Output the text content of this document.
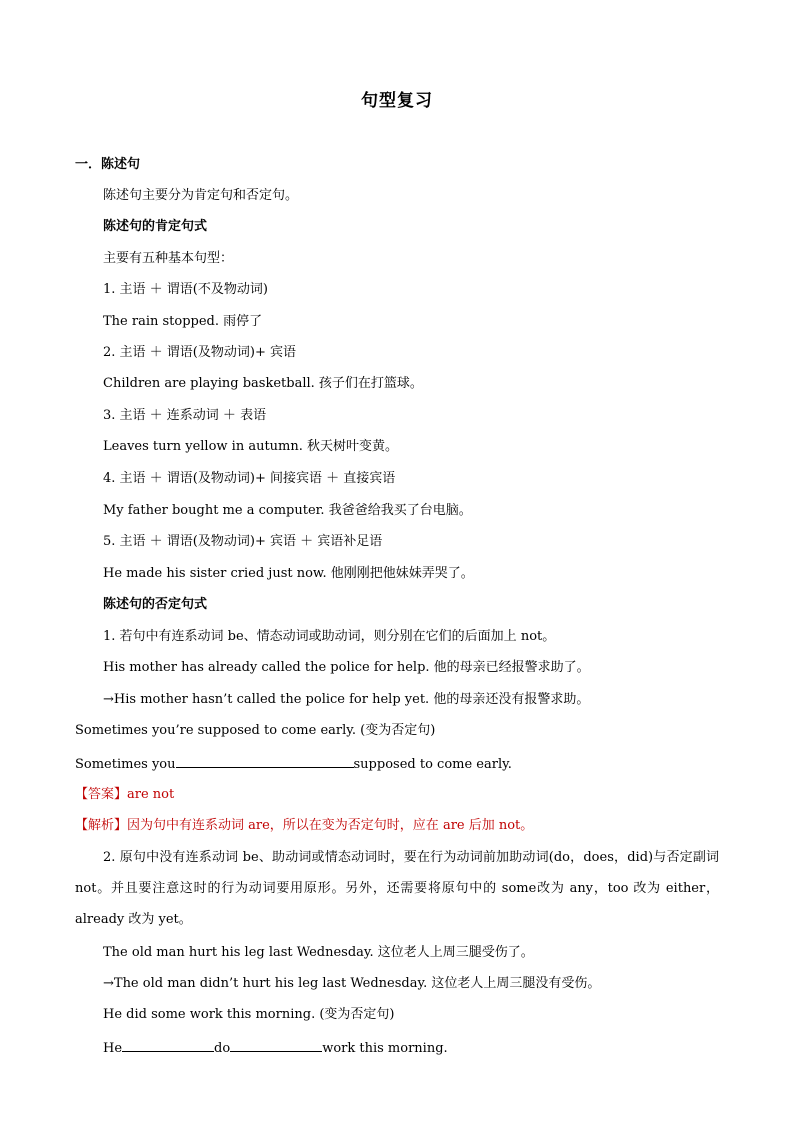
句型复习
一．陈述句
陈述句主要分为肯定句和否定句。
陈述句的肯定句式
主要有五种基本句型：
1. 主语 ＋ 谓语(不及物动词)
The rain stopped. 雨停了
2. 主语 ＋ 谓语(及物动词)+ 宾语
Children are playing basketball. 孩子们在打篮球。
3. 主语 ＋ 连系动词 ＋ 表语
Leaves turn yellow in autumn. 秋天树叶变黄。
4. 主语 ＋ 谓语(及物动词)+ 间接宾语 ＋ 直接宾语
My father bought me a computer. 我爸爸给我买了台电脑。
5. 主语 ＋ 谓语(及物动词)+ 宾语 ＋ 宾语补足语
He made his sister cried just now. 他刚刚把他妹妹弄哭了。
陈述句的否定句式
1. 若句中有连系动词 be、情态动词或助动词，则分别在它们的后面加上 not。
His mother has already called the police for help. 他的母亲已经报警求助了。
→His mother hasn’t called the police for help yet. 他的母亲还没有报警求助。
Sometimes you’re supposed to come early. (变为否定句)
Sometimes you	supposed to come early.
【答案】are not
【解析】因为句中有连系动词 are，所以在变为否定句时，应在 are 后加 not。
2. 原句中没有连系动词 be、助动词或情态动词时，要在行为动词前加助动词(do，does，did)与否定副词 not。并且要注意这时的行为动词要用原形。另外，还需要将原句中的 some改为 any，too 改为 either，already 改为 yet。
The old man hurt his leg last Wednesday. 这位老人上周三腿受伤了。
→The old man didn’t hurt his leg last Wednesday. 这位老人上周三腿没有受伤。
He did some work this morning. (变为否定句)
He	do	work this morning.
